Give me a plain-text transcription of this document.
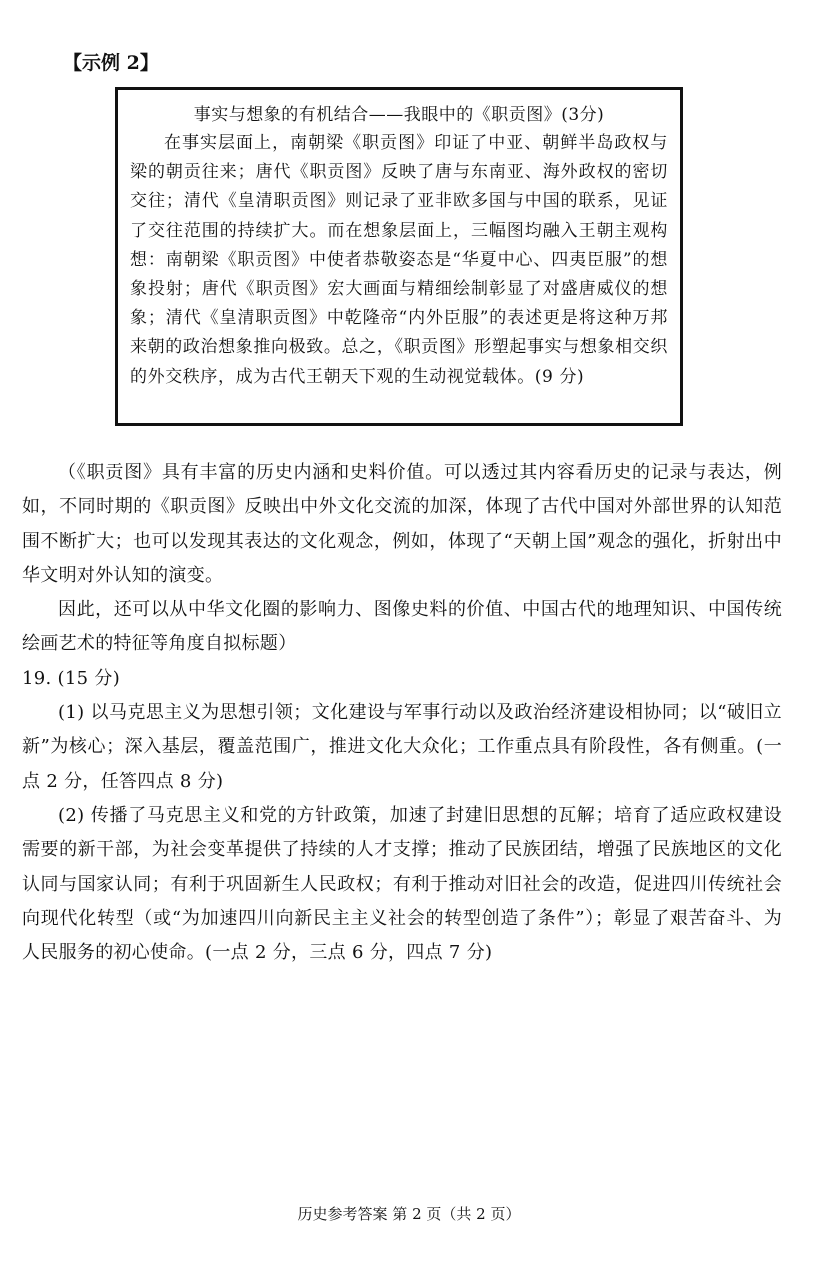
【示例 2】

事实与想象的有机结合——我眼中的《职贡图》(3分)

在事实层面上，南朝梁《职贡图》印证了中亚、朝鲜半岛政权与梁的朝贡往来；唐代《职贡图》反映了唐与东南亚、海外政权的密切交往；清代《皇清职贡图》则记录了亚非欧多国与中国的联系，见证了交往范围的持续扩大。而在想象层面上，三幅图均融入王朝主观构想：南朝梁《职贡图》中使者恭敬姿态是“华夏中心、四夷臣服”的想象投射；唐代《职贡图》宏大画面与精细绘制彰显了对盛唐威仪的想象；清代《皇清职贡图》中乾隆帝“内外臣服”的表述更是将这种万邦来朝的政治想象推向极致。总之，《职贡图》形塑起事实与想象相交织的外交秩序，成为古代王朝天下观的生动视觉载体。(9 分)

（《职贡图》具有丰富的历史内涵和史料价值。可以透过其内容看历史的记录与表达，例如，不同时期的《职贡图》反映出中外文化交流的加深，体现了古代中国对外部世界的认知范围不断扩大；也可以发现其表达的文化观念，例如，体现了“天朝上国”观念的强化，折射出中华文明对外认知的演变。

因此，还可以从中华文化圈的影响力、图像史料的价值、中国古代的地理知识、中国传统绘画艺术的特征等角度自拟标题）

19. (15 分)

(1) 以马克思主义为思想引领；文化建设与军事行动以及政治经济建设相协同；以“破旧立新”为核心；深入基层，覆盖范围广，推进文化大众化；工作重点具有阶段性，各有侧重。(一点 2 分，任答四点 8 分)

(2) 传播了马克思主义和党的方针政策，加速了封建旧思想的瓦解；培育了适应政权建设需要的新干部，为社会变革提供了持续的人才支撑；推动了民族团结，增强了民族地区的文化认同与国家认同；有利于巩固新生人民政权；有利于推动对旧社会的改造，促进四川传统社会向现代化转型（或“为加速四川向新民主主义社会的转型创造了条件”）；彰显了艰苦奋斗、为人民服务的初心使命。(一点 2 分，三点 6 分，四点 7 分)

历史参考答案 第 2 页（共 2 页）
